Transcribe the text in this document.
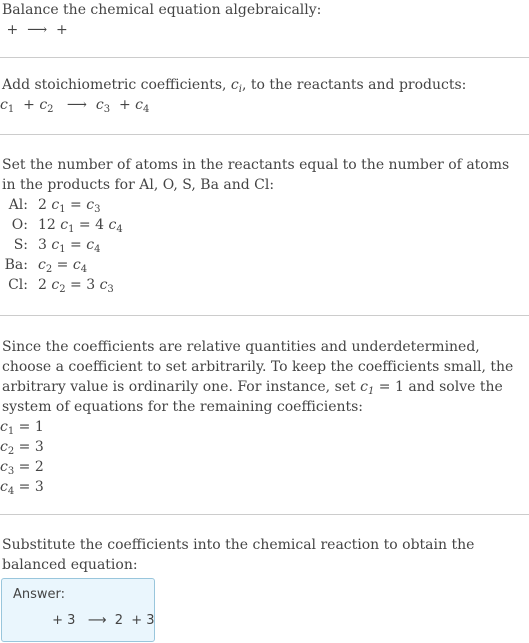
Balance the chemical equation algebraically:

+  ⟶  +

Add stoichiometric coefficients, $c_i$, to the reactants and products:

$c_1 + c_2$   ⟶  $c_3 + c_4$

Set the number of atoms in the reactants equal to the number of atoms in the products for Al, O, S, Ba and Cl:

Al:	2 $c_1 = c_3$
O:	12 $c_1 = 4$ $c_4$
S:	3 $c_1 = c_4$
Ba:	$c_2 = c_4$
Cl:	2 $c_2 = 3$ $c_3$

Since the coefficients are relative quantities and underdetermined, choose a coefficient to set arbitrarily. To keep the coefficients small, the arbitrary value is ordinarily one. For instance, set $c_1 = 1$ and solve the system of equations for the remaining coefficients:

$c_1 = 1$
$c_2 = 3$
$c_3 = 2$
$c_4 = 3$

Substitute the coefficients into the chemical reaction to obtain the balanced equation:

Answer:
+ 3   ⟶  2  + 3
